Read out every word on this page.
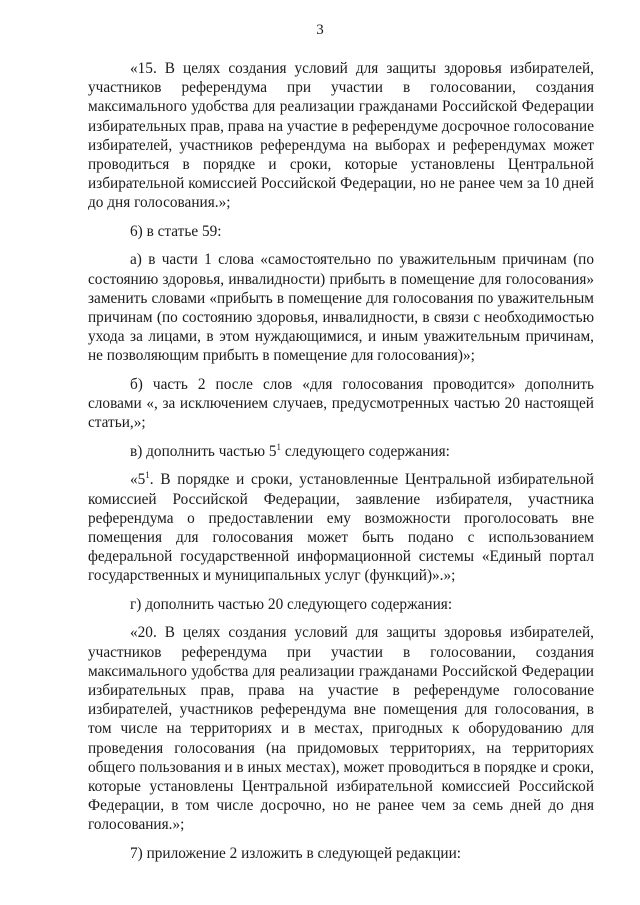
3

«15. В целях создания условий для защиты здоровья избирателей, участников референдума при участии в голосовании, создания максимального удобства для реализации гражданами Российской Федерации избирательных прав, права на участие в референдуме досрочное голосование избирателей, участников референдума на выборах и референдумах может проводиться в порядке и сроки, которые установлены Центральной избирательной комиссией Российской Федерации, но не ранее чем за 10 дней до дня голосования.»;

6) в статье 59:

а) в части 1 слова «самостоятельно по уважительным причинам (по состоянию здоровья, инвалидности) прибыть в помещение для голосования» заменить словами «прибыть в помещение для голосования по уважительным причинам (по состоянию здоровья, инвалидности, в связи с необходимостью ухода за лицами, в этом нуждающимися, и иным уважительным причинам, не позволяющим прибыть в помещение для голосования)»;

б) часть 2 после слов «для голосования проводится» дополнить словами «, за исключением случаев, предусмотренных частью 20 настоящей статьи,»;

в) дополнить частью $5^1$ следующего содержания:

«$5^1$. В порядке и сроки, установленные Центральной избирательной комиссией Российской Федерации, заявление избирателя, участника референдума о предоставлении ему возможности проголосовать вне помещения для голосования может быть подано с использованием федеральной государственной информационной системы «Единый портал государственных и муниципальных услуг (функций)».»;

г) дополнить частью 20 следующего содержания:

«20. В целях создания условий для защиты здоровья избирателей, участников референдума при участии в голосовании, создания максимального удобства для реализации гражданами Российской Федерации избирательных прав, права на участие в референдуме голосование избирателей, участников референдума вне помещения для голосования, в том числе на территориях и в местах, пригодных к оборудованию для проведения голосования (на придомовых территориях, на территориях общего пользования и в иных местах), может проводиться в порядке и сроки, которые установлены Центральной избирательной комиссией Российской Федерации, в том числе досрочно, но не ранее чем за семь дней до дня голосования.»;

7) приложение 2 изложить в следующей редакции:
